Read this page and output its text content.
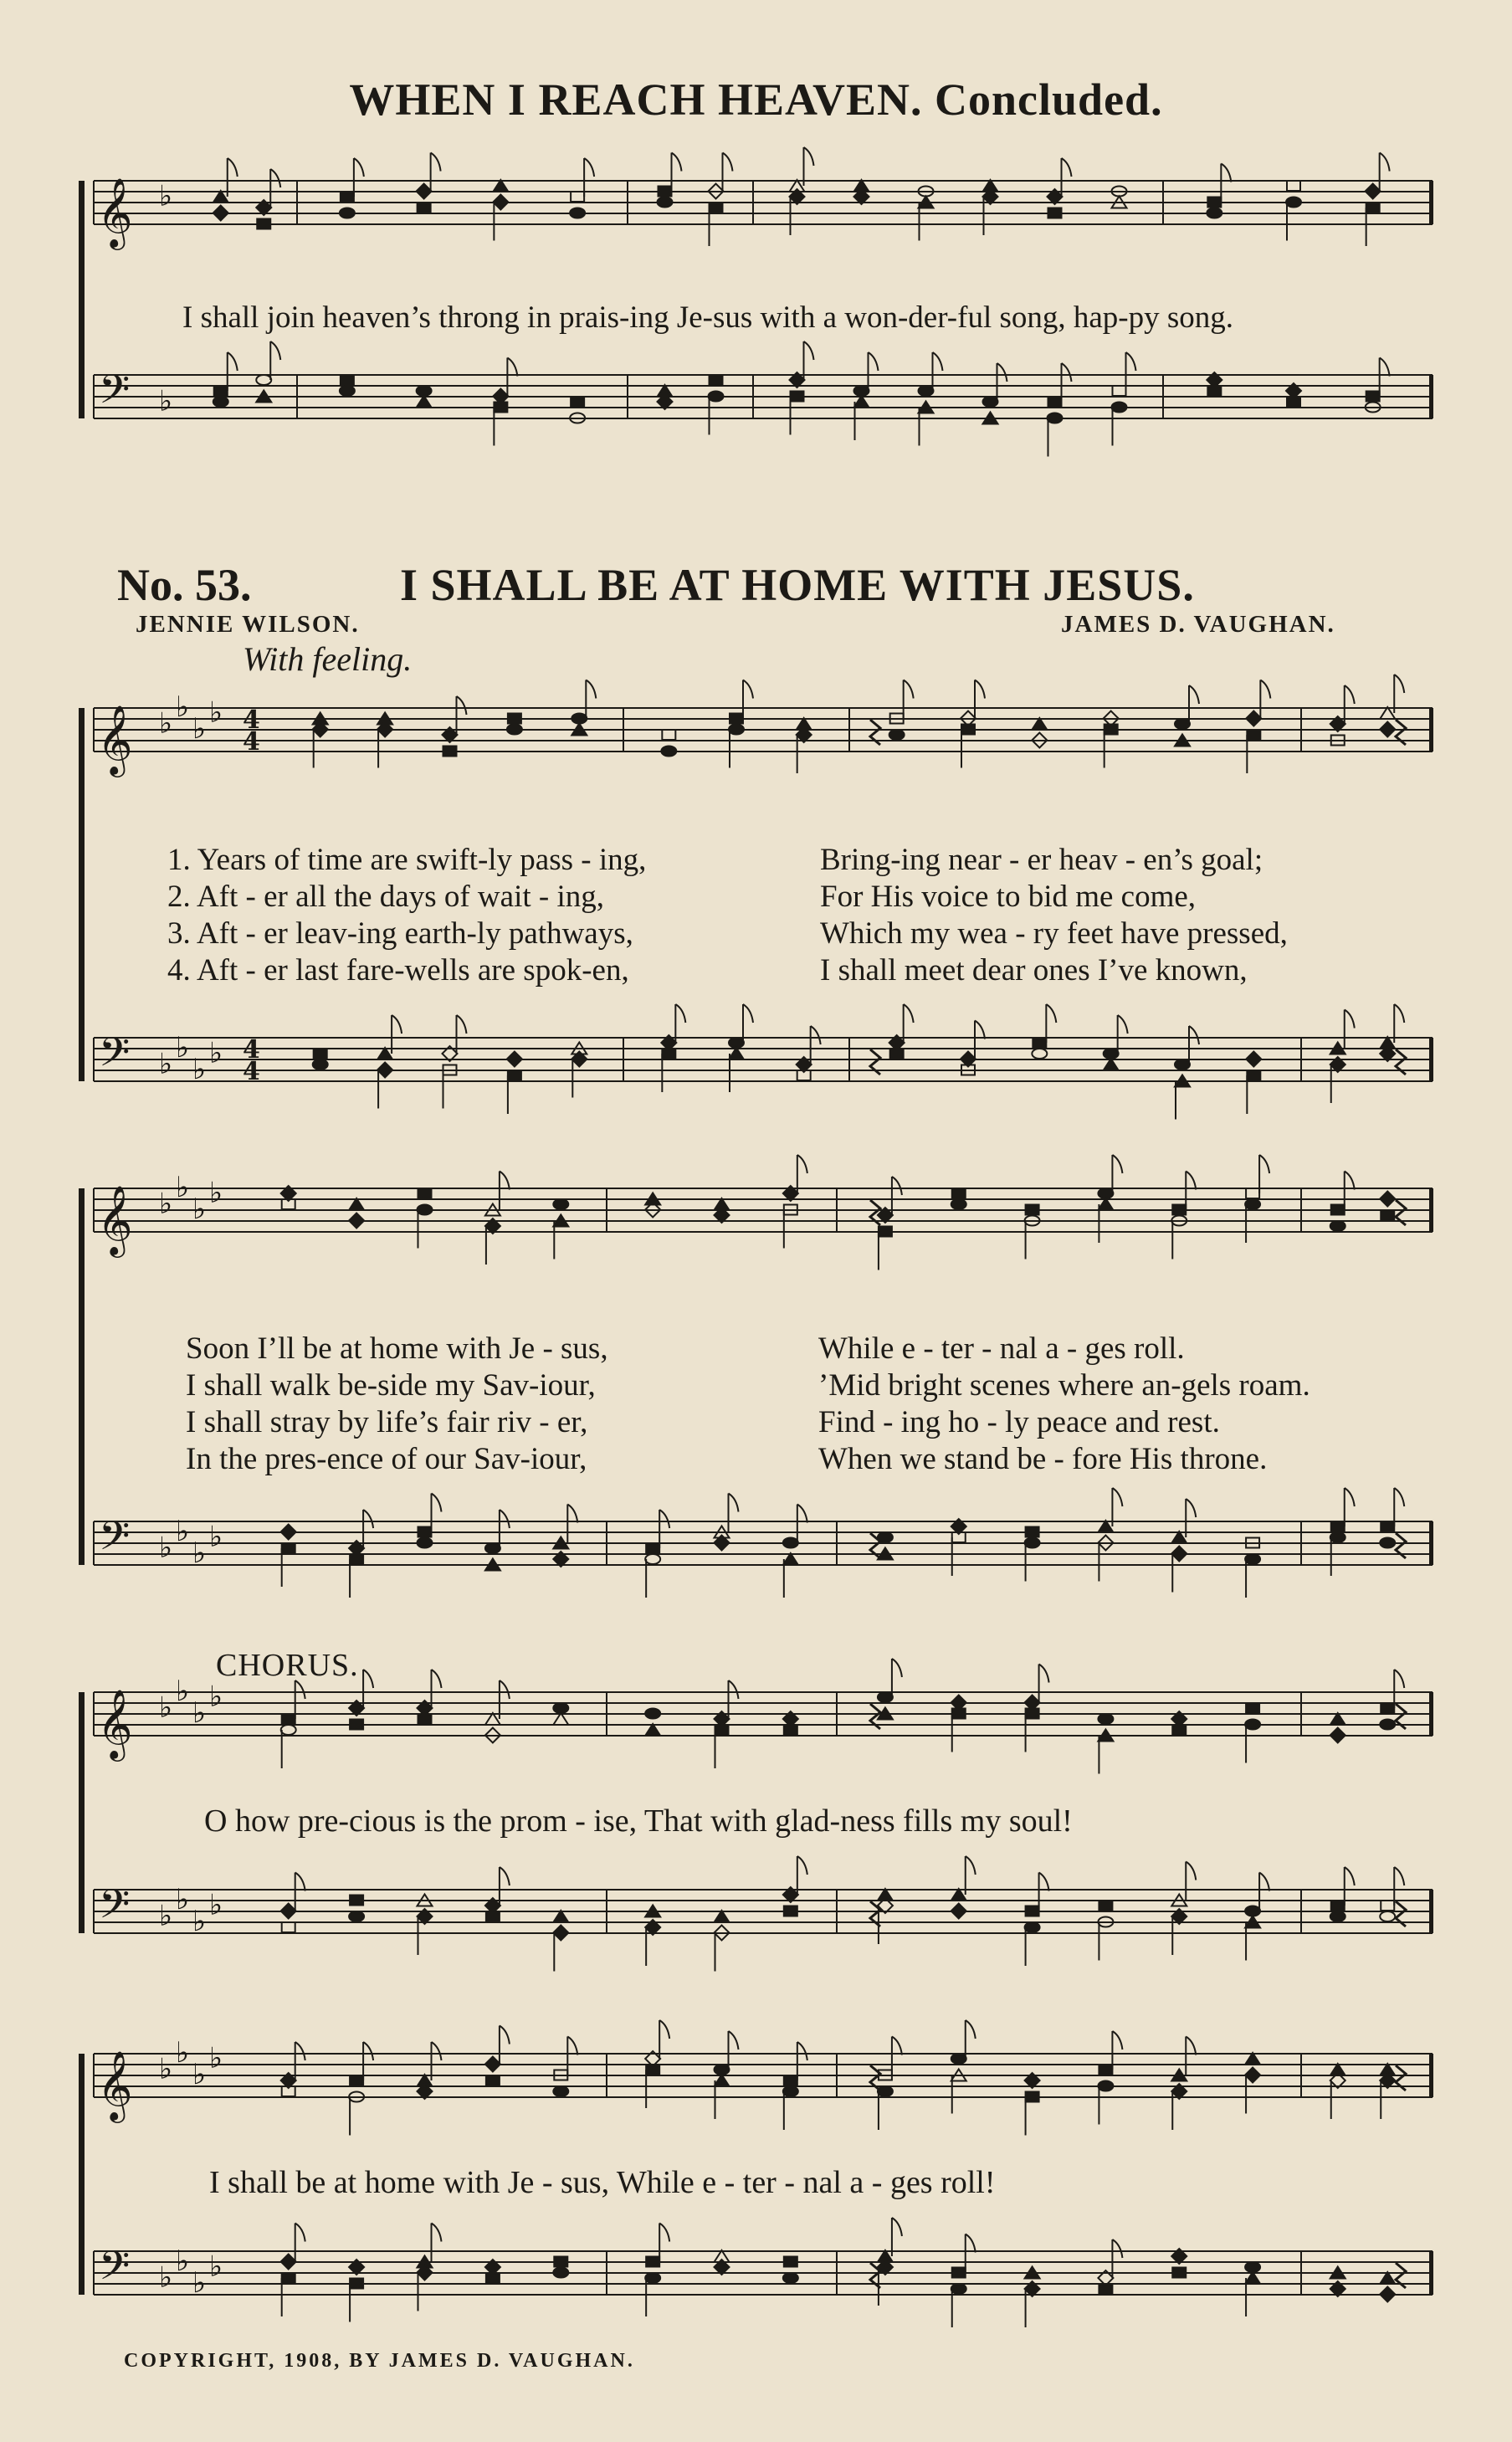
WHEN I REACH HEAVEN. Concluded.
𝄞
𝄢
♭
♭
𝄞
𝄢
♭ ♭
♭ ♭
♭ ♭
♭ ♭
4
4
4
4
𝄞
𝄢
♭ ♭
♭ ♭
♭ ♭
♭ ♭
𝄞
𝄢
♭ ♭
♭ ♭
♭ ♭
♭ ♭
𝄞
𝄢
♭ ♭
♭ ♭
♭ ♭
♭ ♭
I shall join heaven’s throng in prais-ing Je-sus with a won-der-ful song, hap-py song.
No. 53.	I SHALL BE AT HOME WITH JESUS.
JENNIE WILSON.	JAMES D. VAUGHAN.
With feeling.
1. Years of time are swift-ly pass - ing,
2. Aft - er all the days of wait - ing,
3. Aft - er leav-ing earth-ly pathways,
4. Aft - er last fare-wells are spok-en,
Bring-ing near - er heav - en’s goal;
For His voice to bid me come,
Which my wea - ry feet have pressed,
I shall meet dear ones I’ve known,
Soon I’ll be at home with Je - sus,
I shall walk be-side my Sav-iour,
I shall stray by life’s fair riv - er,
In the pres-ence of our Sav-iour,
While e - ter - nal a - ges roll.
’Mid bright scenes where an-gels roam.
Find - ing ho - ly peace and rest.
When we stand be - fore His throne.
CHORUS.
O how pre-cious is the prom - ise, That with glad-ness fills my soul!
I shall be at home with Je - sus, While e - ter - nal a - ges roll!
COPYRIGHT, 1908, BY JAMES D. VAUGHAN.
